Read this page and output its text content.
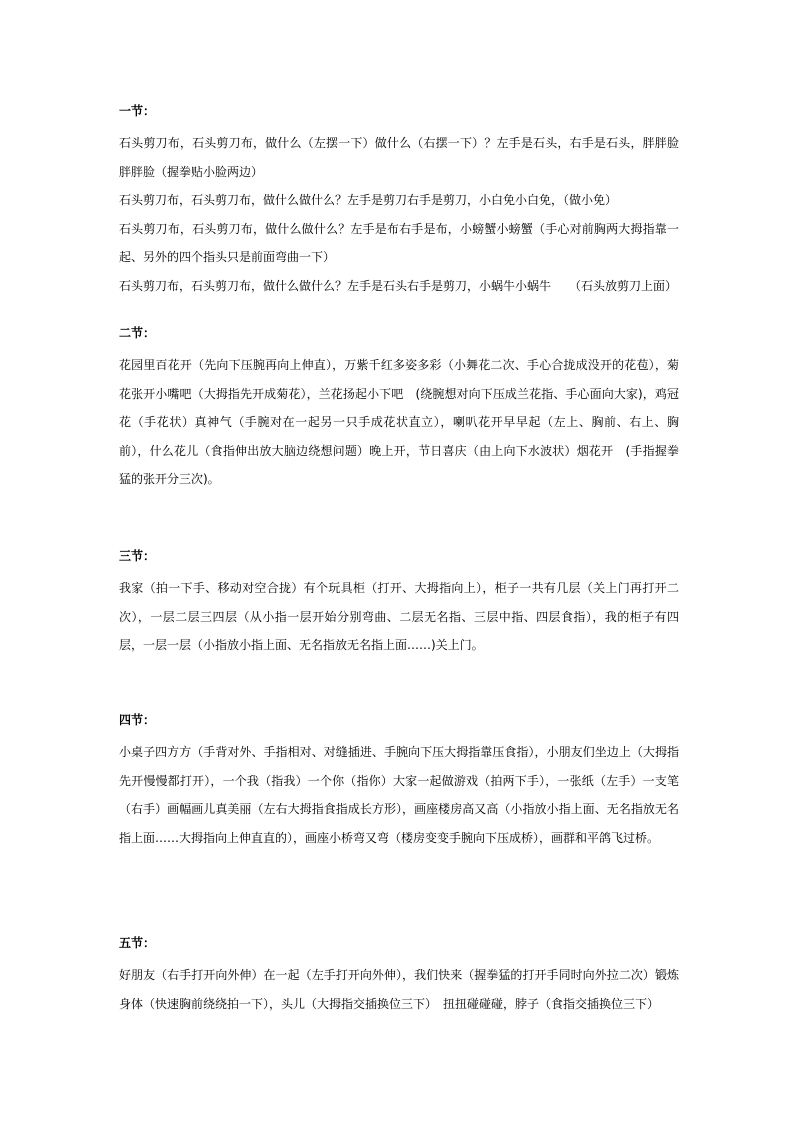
一节：

石头剪刀布，石头剪刀布，做什么（左摆一下）做什么（右摆一下）？左手是石头，右手是石头，胖胖脸胖胖脸（握拳贴小脸两边）

石头剪刀布，石头剪刀布，做什么做什么？左手是剪刀右手是剪刀，小白免小白免，（做小免）

石头剪刀布，石头剪刀布，做什么做什么？左手是布右手是布，小螃蟹小螃蟹（手心对前胸两大拇指靠一起、另外的四个指头只是前面弯曲一下）

石头剪刀布，石头剪刀布，做什么做什么？左手是石头右手是剪刀，小蜗牛小蜗牛　　（石头放剪刀上面）

二节：

花园里百花开（先向下压腕再向上伸直），万紫千红多姿多彩（小舞花二次、手心合拢成没开的花苞），菊花张开小嘴吧（大拇指先开成菊花），兰花扬起小下吧　(绕腕想对向下压成兰花指、手心面向大家)，鸡冠花（手花状）真神气（手腕对在一起另一只手成花状直立），喇叭花开早早起（左上、胸前、右上、胸前），什么花儿（食指伸出放大脑边绕想问题）晚上开，节日喜庆（由上向下水波状）烟花开　(手指握拳猛的张开分三次)。

三节：

我家（拍一下手、移动对空合拢）有个玩具柜（打开、大拇指向上），柜子一共有几层（关上门再打开二次），一层二层三四层（从小指一层开始分别弯曲、二层无名指、三层中指、四层食指），我的柜子有四层，一层一层（小指放小指上面、无名指放无名指上面……)关上门。

四节：

小桌子四方方（手背对外、手指相对、对缝插进、手腕向下压大拇指靠压食指），小朋友们坐边上（大拇指先开慢慢都打开），一个我（指我）一个你（指你）大家一起做游戏（拍两下手），一张纸（左手）一支笔（右手）画幅画儿真美丽（左右大拇指食指成长方形），画座楼房高又高（小指放小指上面、无名指放无名指上面……大拇指向上伸直直的），画座小桥弯又弯（楼房变变手腕向下压成桥），画群和平鸽飞过桥。

五节：

好朋友（右手打开向外伸）在一起（左手打开向外伸），我们快来（握拳猛的打开手同时向外拉二次）锻炼身体（快速胸前绕绕拍一下），头儿（大拇指交插换位三下）　扭扭碰碰碰，脖子（食指交插换位三下）
